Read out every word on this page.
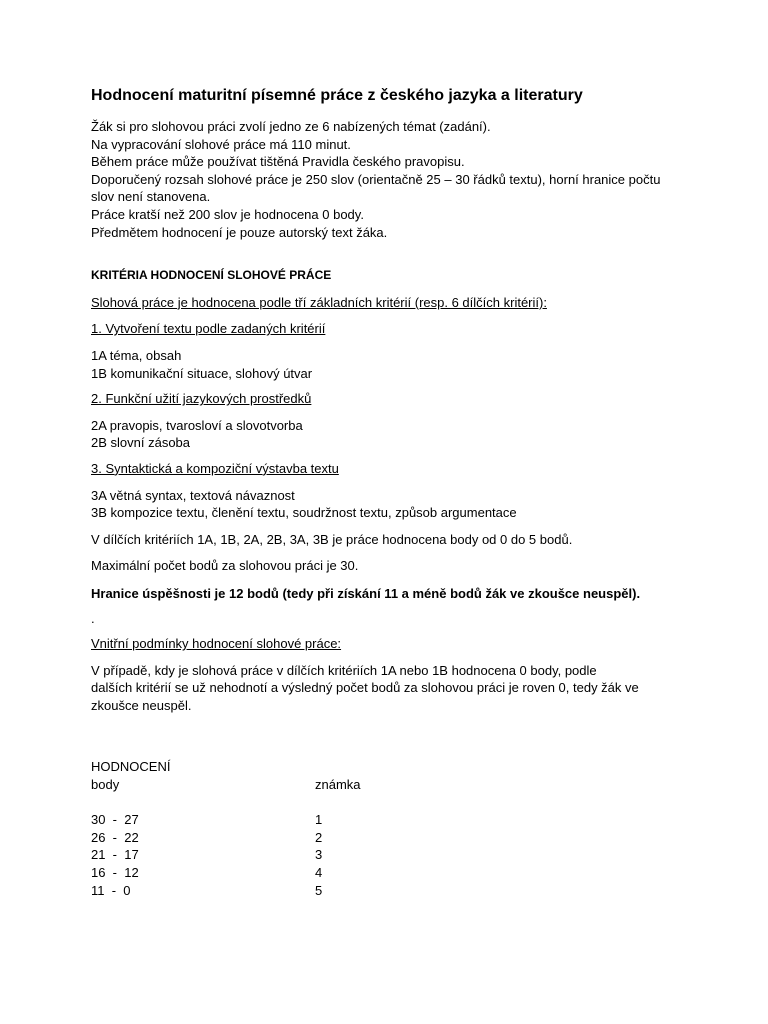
Hodnocení maturitní písemné práce z českého jazyka a literatury
Žák si pro slohovou práci zvolí jedno ze 6 nabízených témat (zadání).
Na vypracování slohové práce má 110 minut.
Během práce může používat tištěná Pravidla českého pravopisu.
Doporučený rozsah slohové práce je 250 slov (orientačně 25 – 30 řádků textu), horní hranice počtu
slov není stanovena.
Práce kratší než 200 slov je hodnocena 0 body.
Předmětem hodnocení je pouze autorský text žáka.
KRITÉRIA HODNOCENÍ SLOHOVÉ PRÁCE
Slohová práce je hodnocena podle tří základních kritérií (resp. 6 dílčích kritérií):
1. Vytvoření textu podle zadaných kritérií
1A téma, obsah
1B komunikační situace, slohový útvar
2. Funkční užití jazykových prostředků
2A pravopis, tvarosloví a slovotvorba
2B slovní zásoba
3. Syntaktická a kompoziční výstavba textu
3A větná syntax, textová návaznost
3B kompozice textu, členění textu, soudržnost textu, způsob argumentace
V dílčích kritériích 1A, 1B, 2A, 2B, 3A, 3B je práce hodnocena body od 0 do 5 bodů.
Maximální počet bodů za slohovou práci je 30.
Hranice úspěšnosti je 12 bodů (tedy při získání 11 a méně bodů žák ve zkoušce neuspěl).
.
Vnitřní podmínky hodnocení slohové práce:
V případě, kdy je slohová práce v dílčích kritériích 1A nebo 1B hodnocena 0 body, podle
dalších kritérií se už nehodnotí a výsledný počet bodů za slohovou práci je roven 0, tedy žák ve
zkoušce neuspěl.
HODNOCENÍ
body	známka
30  -  27	1
26  -  22	2
21  -  17	3
16  -  12	4
11  -  0	5
